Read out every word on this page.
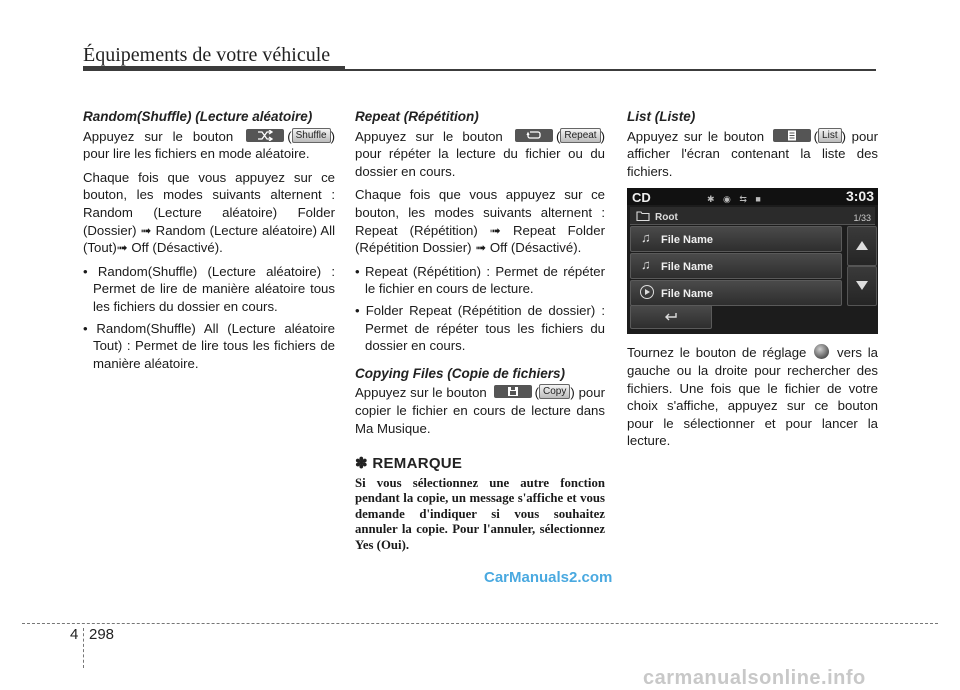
Équipements de votre véhicule
Random(Shuffle) (Lecture aléatoire)

Appuyez sur le bouton	( Shuffle ) pour lire les fichiers en mode aléatoire.

Chaque fois que vous appuyez sur ce bouton, les modes suivants alternent : Random (Lecture aléatoire) Folder (Dossier) ➟ Random (Lecture aléatoire) All (Tout)➟ Off (Désactivé).

• Random(Shuffle) (Lecture aléatoire) : Permet de lire de manière aléatoire tous les fichiers du dossier en cours.

• Random(Shuffle) All (Lecture aléatoire Tout) : Permet de lire tous les fichiers de manière aléatoire.

Repeat (Répétition)

Appuyez sur le bouton	( Repeat ) pour répéter la lecture du fichier ou du dossier en cours.

Chaque fois que vous appuyez sur ce bouton, les modes suivants alternent : Repeat (Répétition) ➟ Repeat Folder (Répétition Dossier) ➟ Off (Désactivé).

• Repeat (Répétition) : Permet de répéter le fichier en cours de lecture.

• Folder Repeat (Répétition de dossier) : Permet de répéter tous les fichiers du dossier en cours.

Copying Files (Copie de fichiers)

Appuyez sur le bouton	( Copy ) pour copier le fichier en cours de lecture dans Ma Musique.

✽ REMARQUE
Si vous sélectionnez une autre fonction pendant la copie, un message s'affiche et vous demande d'indiquer si vous souhaitez annuler la copie. Pour l'annuler, sélectionnez Yes (Oui).
List (Liste)

Appuyez sur le bouton	( List ) pour afficher l'écran contenant la liste des fichiers.

CD	✱ ◉ ⇆ ■	3:03
Root	1/33
♫ File Name
♫ File Name
File Name

Tournez le bouton de réglage vers la gauche ou la droite pour rechercher des fichiers. Une fois que le fichier de votre choix s'affiche, appuyez sur ce bouton pour le sélectionner et pour lancer la lecture.

CarManuals2.com
4 298
carmanualsonline.info
